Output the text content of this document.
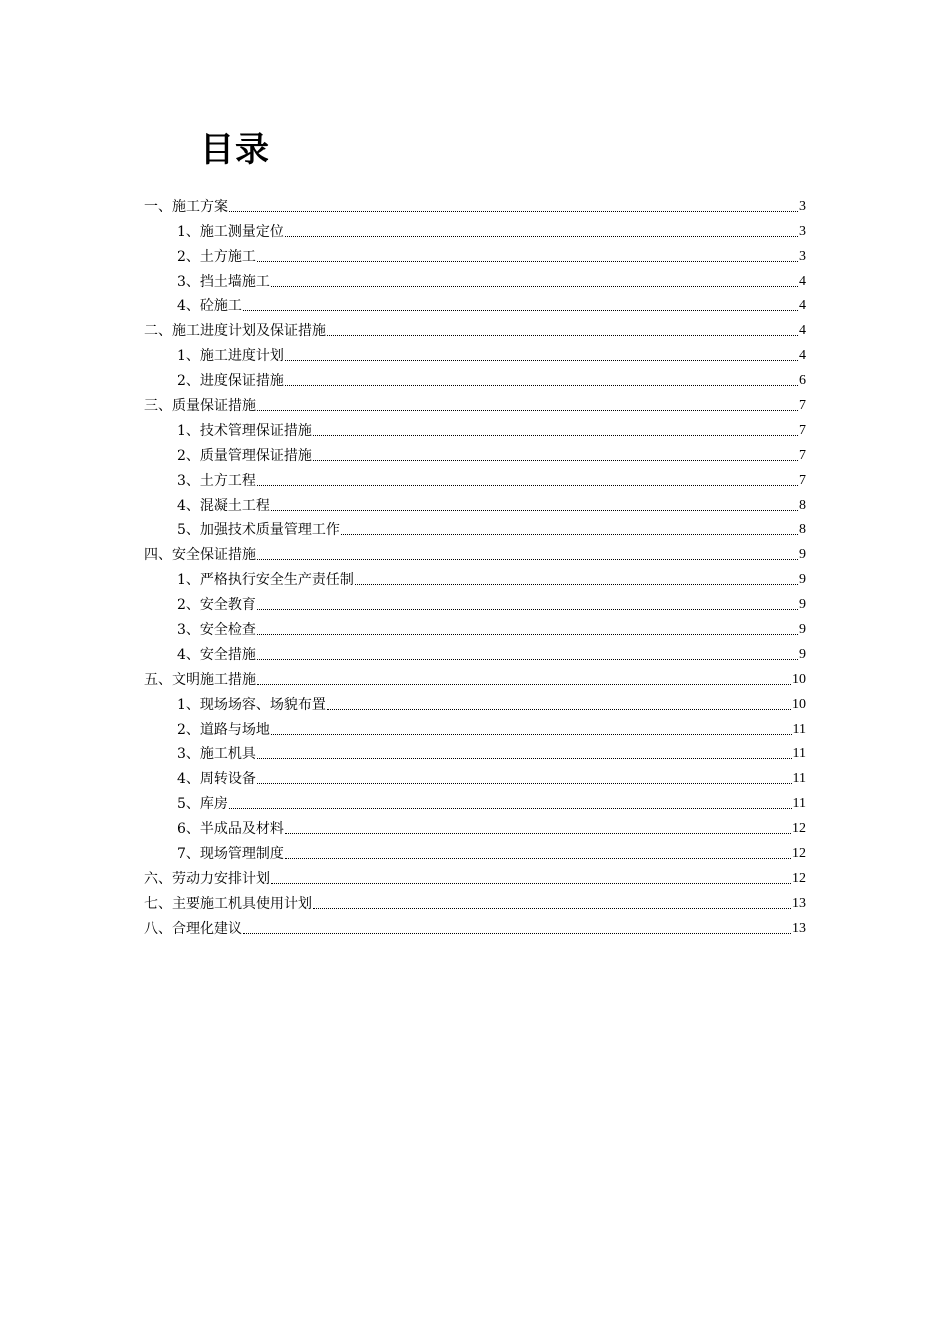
目录
一、施工方案	3
1、施工测量定位	3
2、土方施工	3
3、挡土墙施工	4
4、砼施工	4
二、施工进度计划及保证措施	4
1、施工进度计划	4
2、进度保证措施	6
三、质量保证措施	7
1、技术管理保证措施	7
2、质量管理保证措施	7
3、土方工程	7
4、混凝土工程	8
5、加强技术质量管理工作	8
四、安全保证措施	9
1、严格执行安全生产责任制	9
2、安全教育	9
3、安全检查	9
4、安全措施	9
五、文明施工措施	10
1、现场场容、场貌布置	10
2、道路与场地	11
3、施工机具	11
4、周转设备	11
5、库房	11
6、半成品及材料	12
7、现场管理制度	12
六、劳动力安排计划	12
七、主要施工机具使用计划	13
八、合理化建议	13
